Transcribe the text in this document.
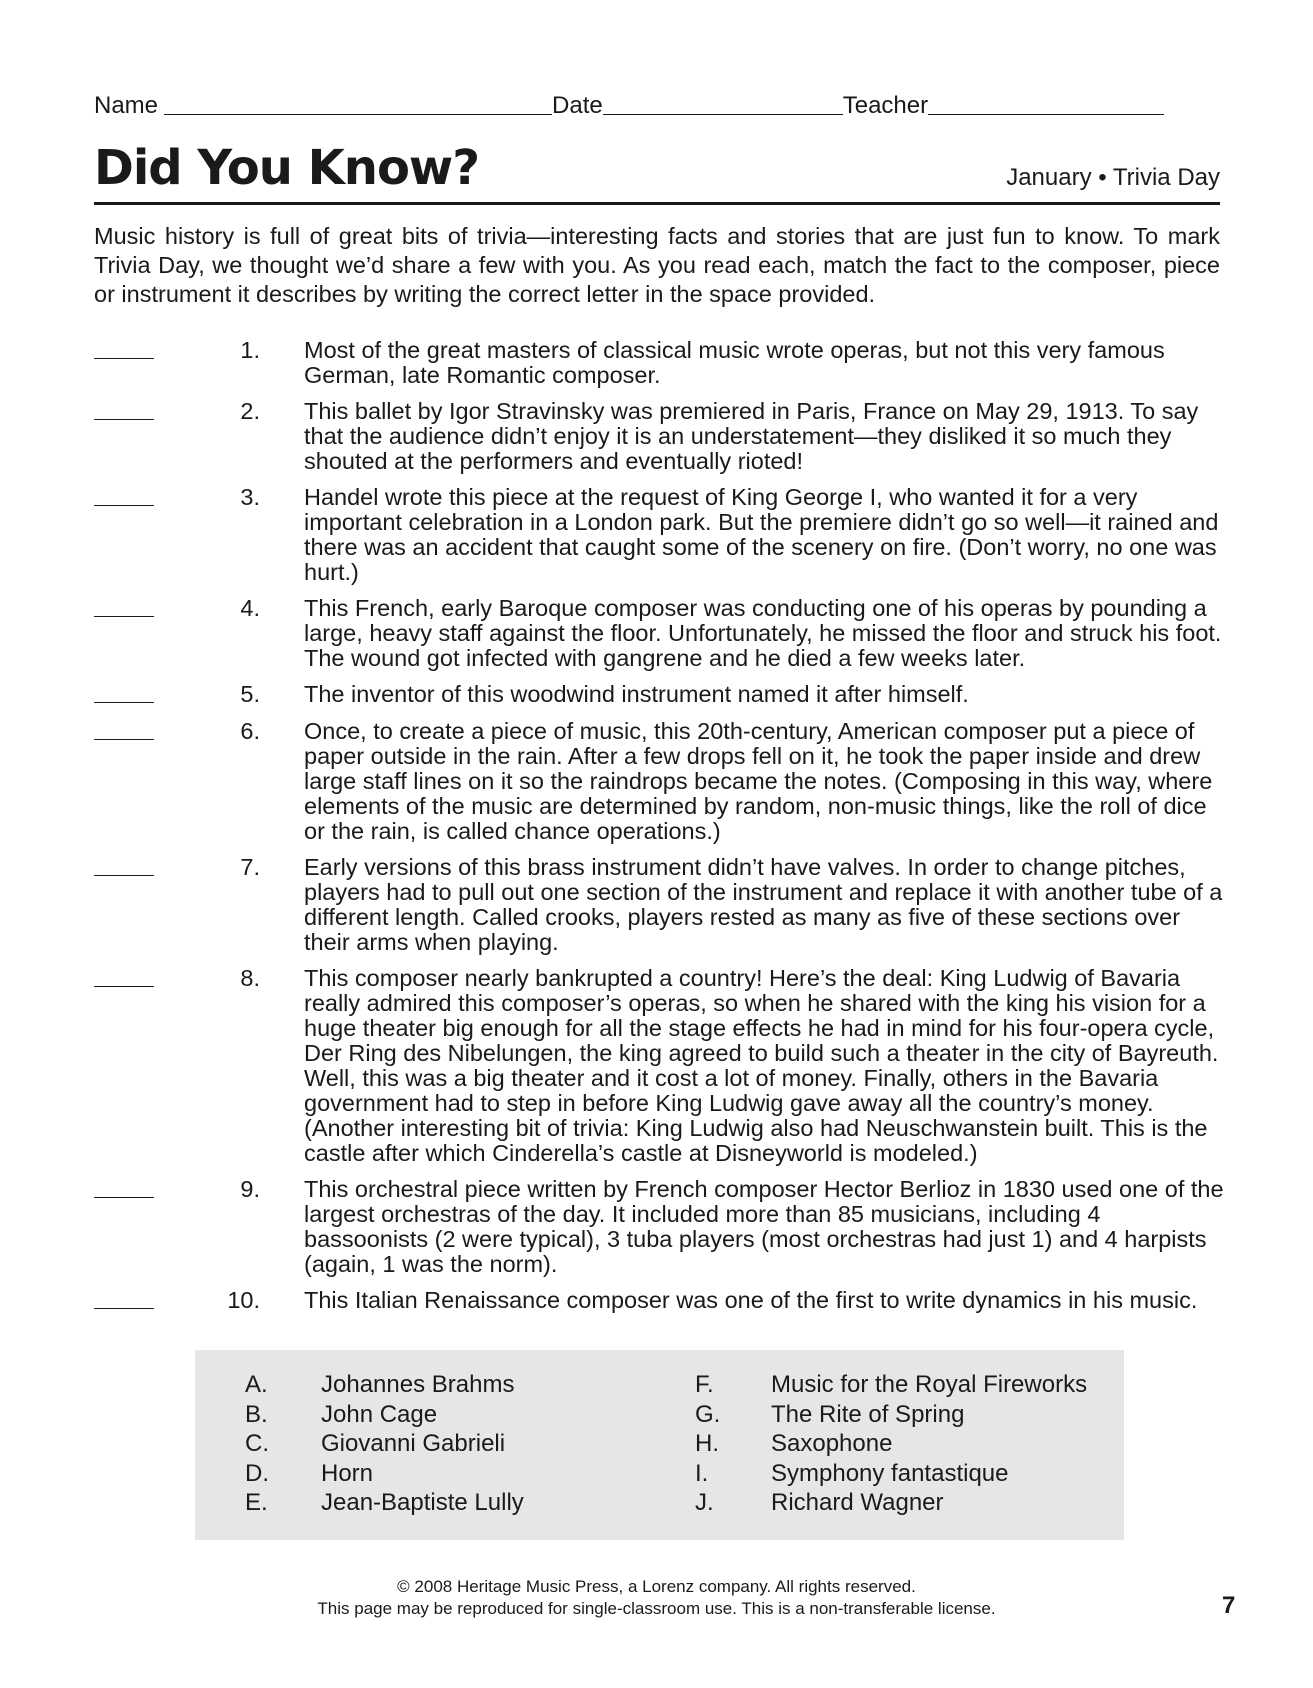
Name	Date	Teacher
Did You Know?	January • Trivia Day
Music history is full of great bits of trivia—interesting facts and stories that are just fun to know. To mark Trivia Day, we thought we’d share a few with you. As you read each, match the fact to the composer, piece or instrument it describes by writing the correct letter in the space provided.
1.	Most of the great masters of classical music wrote operas, but not this very famous German, late Romantic composer.
2.	This ballet by Igor Stravinsky was premiered in Paris, France on May 29, 1913. To say that the audience didn’t enjoy it is an understatement—they disliked it so much they shouted at the performers and eventually rioted!
3.	Handel wrote this piece at the request of King George I, who wanted it for a very important celebration in a London park. But the premiere didn’t go so well—it rained and there was an accident that caught some of the scenery on fire. (Don’t worry, no one was hurt.)
4.	This French, early Baroque composer was conducting one of his operas by pounding a large, heavy staff against the floor. Unfortunately, he missed the floor and struck his foot. The wound got infected with gangrene and he died a few weeks later.
5.	The inventor of this woodwind instrument named it after himself.
6.	Once, to create a piece of music, this 20th-century, American composer put a piece of paper outside in the rain. After a few drops fell on it, he took the paper inside and drew large staff lines on it so the raindrops became the notes. (Composing in this way, where elements of the music are determined by random, non-music things, like the roll of dice or the rain, is called chance operations.)
7.	Early versions of this brass instrument didn’t have valves. In order to change pitches, players had to pull out one section of the instrument and replace it with another tube of a different length. Called crooks, players rested as many as five of these sections over their arms when playing.
8.	This composer nearly bankrupted a country! Here’s the deal: King Ludwig of Bavaria really admired this composer’s operas, so when he shared with the king his vision for a huge theater big enough for all the stage effects he had in mind for his four-opera cycle, Der Ring des Nibelungen, the king agreed to build such a theater in the city of Bayreuth. Well, this was a big theater and it cost a lot of money. Finally, others in the Bavaria government had to step in before King Ludwig gave away all the country’s money. (Another interesting bit of trivia: King Ludwig also had Neuschwanstein built. This is the castle after which Cinderella’s castle at Disneyworld is modeled.)
9.	This orchestral piece written by French composer Hector Berlioz in 1830 used one of the largest orchestras of the day. It included more than 85 musicians, including 4 bassoonists (2 were typical), 3 tuba players (most orchestras had just 1) and 4 harpists (again, 1 was the norm).
10.	This Italian Renaissance composer was one of the first to write dynamics in his music.
A.	Johannes Brahms
B.	John Cage
C.	Giovanni Gabrieli
D.	Horn
E.	Jean-Baptiste Lully
F.	Music for the Royal Fireworks
G.	The Rite of Spring
H.	Saxophone
I.	Symphony fantastique
J.	Richard Wagner
© 2008 Heritage Music Press, a Lorenz company. All rights reserved.
This page may be reproduced for single-classroom use. This is a non-transferable license.	7
